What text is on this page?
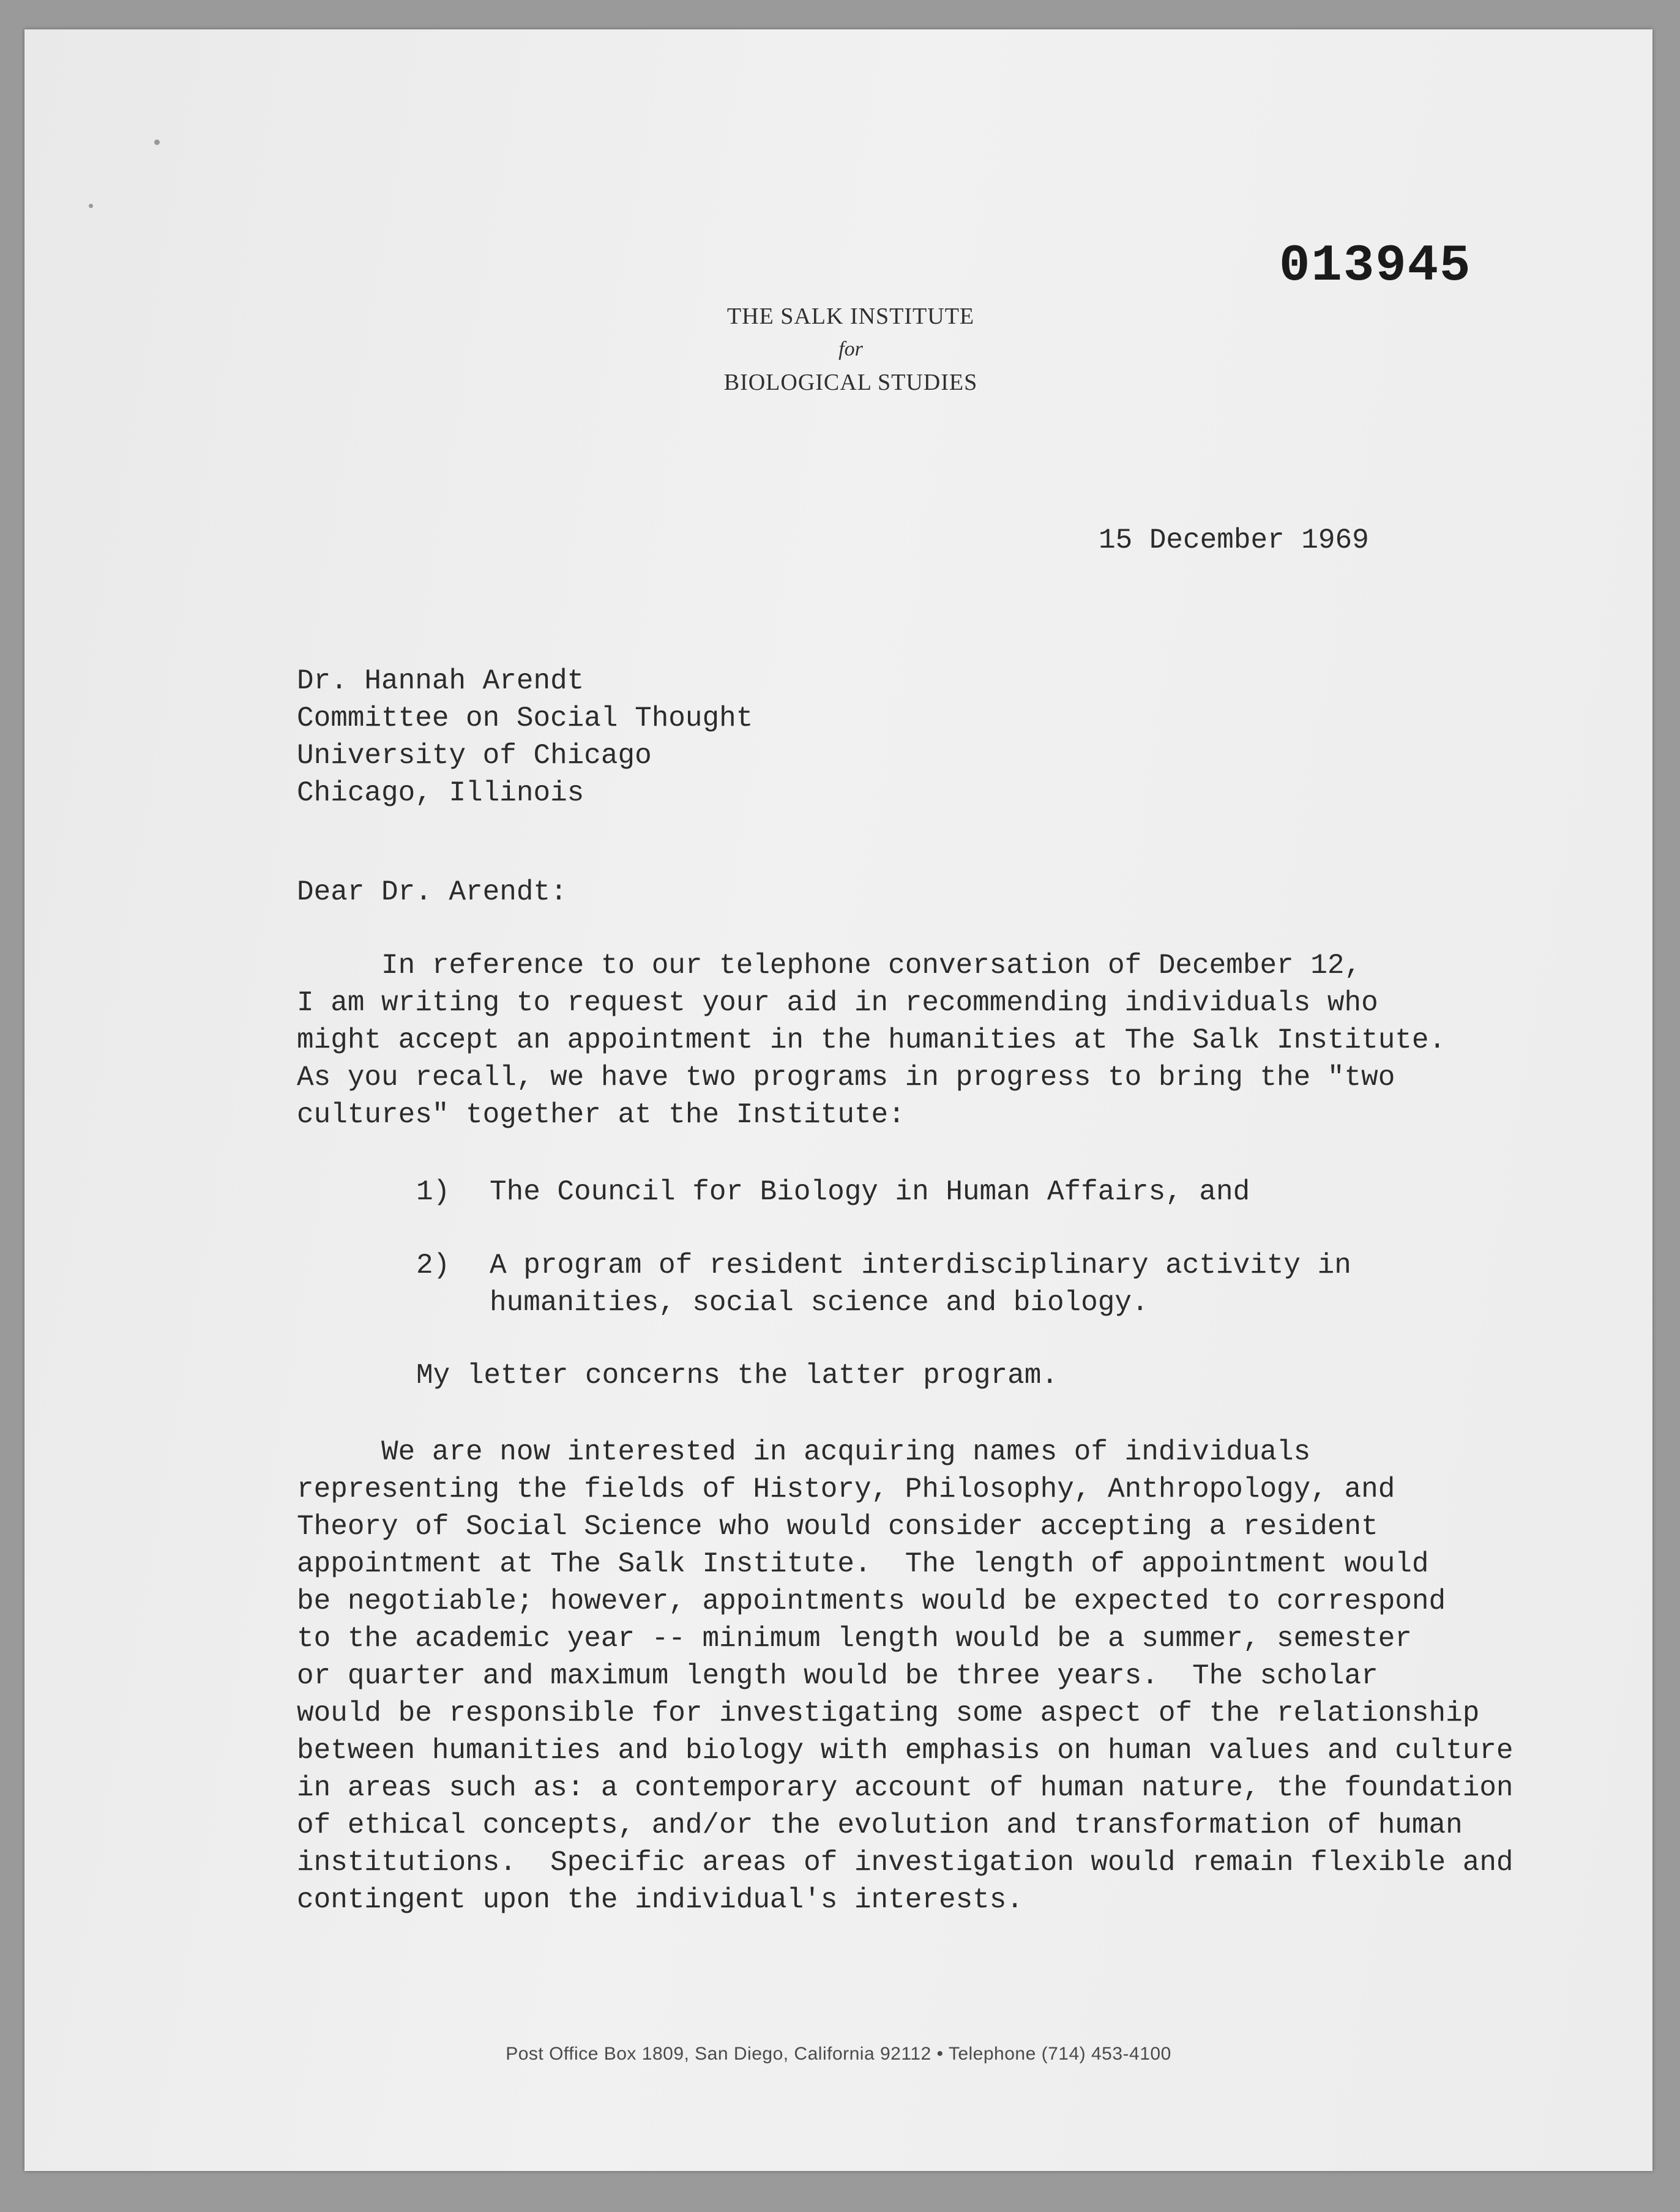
013945
THE SALK INSTITUTE
for
BIOLOGICAL STUDIES

15 December 1969

Dr. Hannah Arendt
Committee on Social Thought
University of Chicago
Chicago, Illinois

Dear Dr. Arendt:

In reference to our telephone conversation of December 12,
I am writing to request your aid in recommending individuals who
might accept an appointment in the humanities at The Salk Institute.
As you recall, we have two programs in progress to bring the "two
cultures" together at the Institute:
1) The Council for Biology in Human Affairs, and
2) A program of resident interdisciplinary activity in
humanities, social science and biology.

My letter concerns the latter program.

We are now interested in acquiring names of individuals
representing the fields of History, Philosophy, Anthropology, and
Theory of Social Science who would consider accepting a resident
appointment at The Salk Institute.  The length of appointment would
be negotiable; however, appointments would be expected to correspond
to the academic year -- minimum length would be a summer, semester
or quarter and maximum length would be three years.  The scholar
would be responsible for investigating some aspect of the relationship
between humanities and biology with emphasis on human values and culture
in areas such as: a contemporary account of human nature, the foundation
of ethical concepts, and/or the evolution and transformation of human
institutions.  Specific areas of investigation would remain flexible and
contingent upon the individual's interests.
Post Office Box 1809, San Diego, California 92112 • Telephone (714) 453-4100
